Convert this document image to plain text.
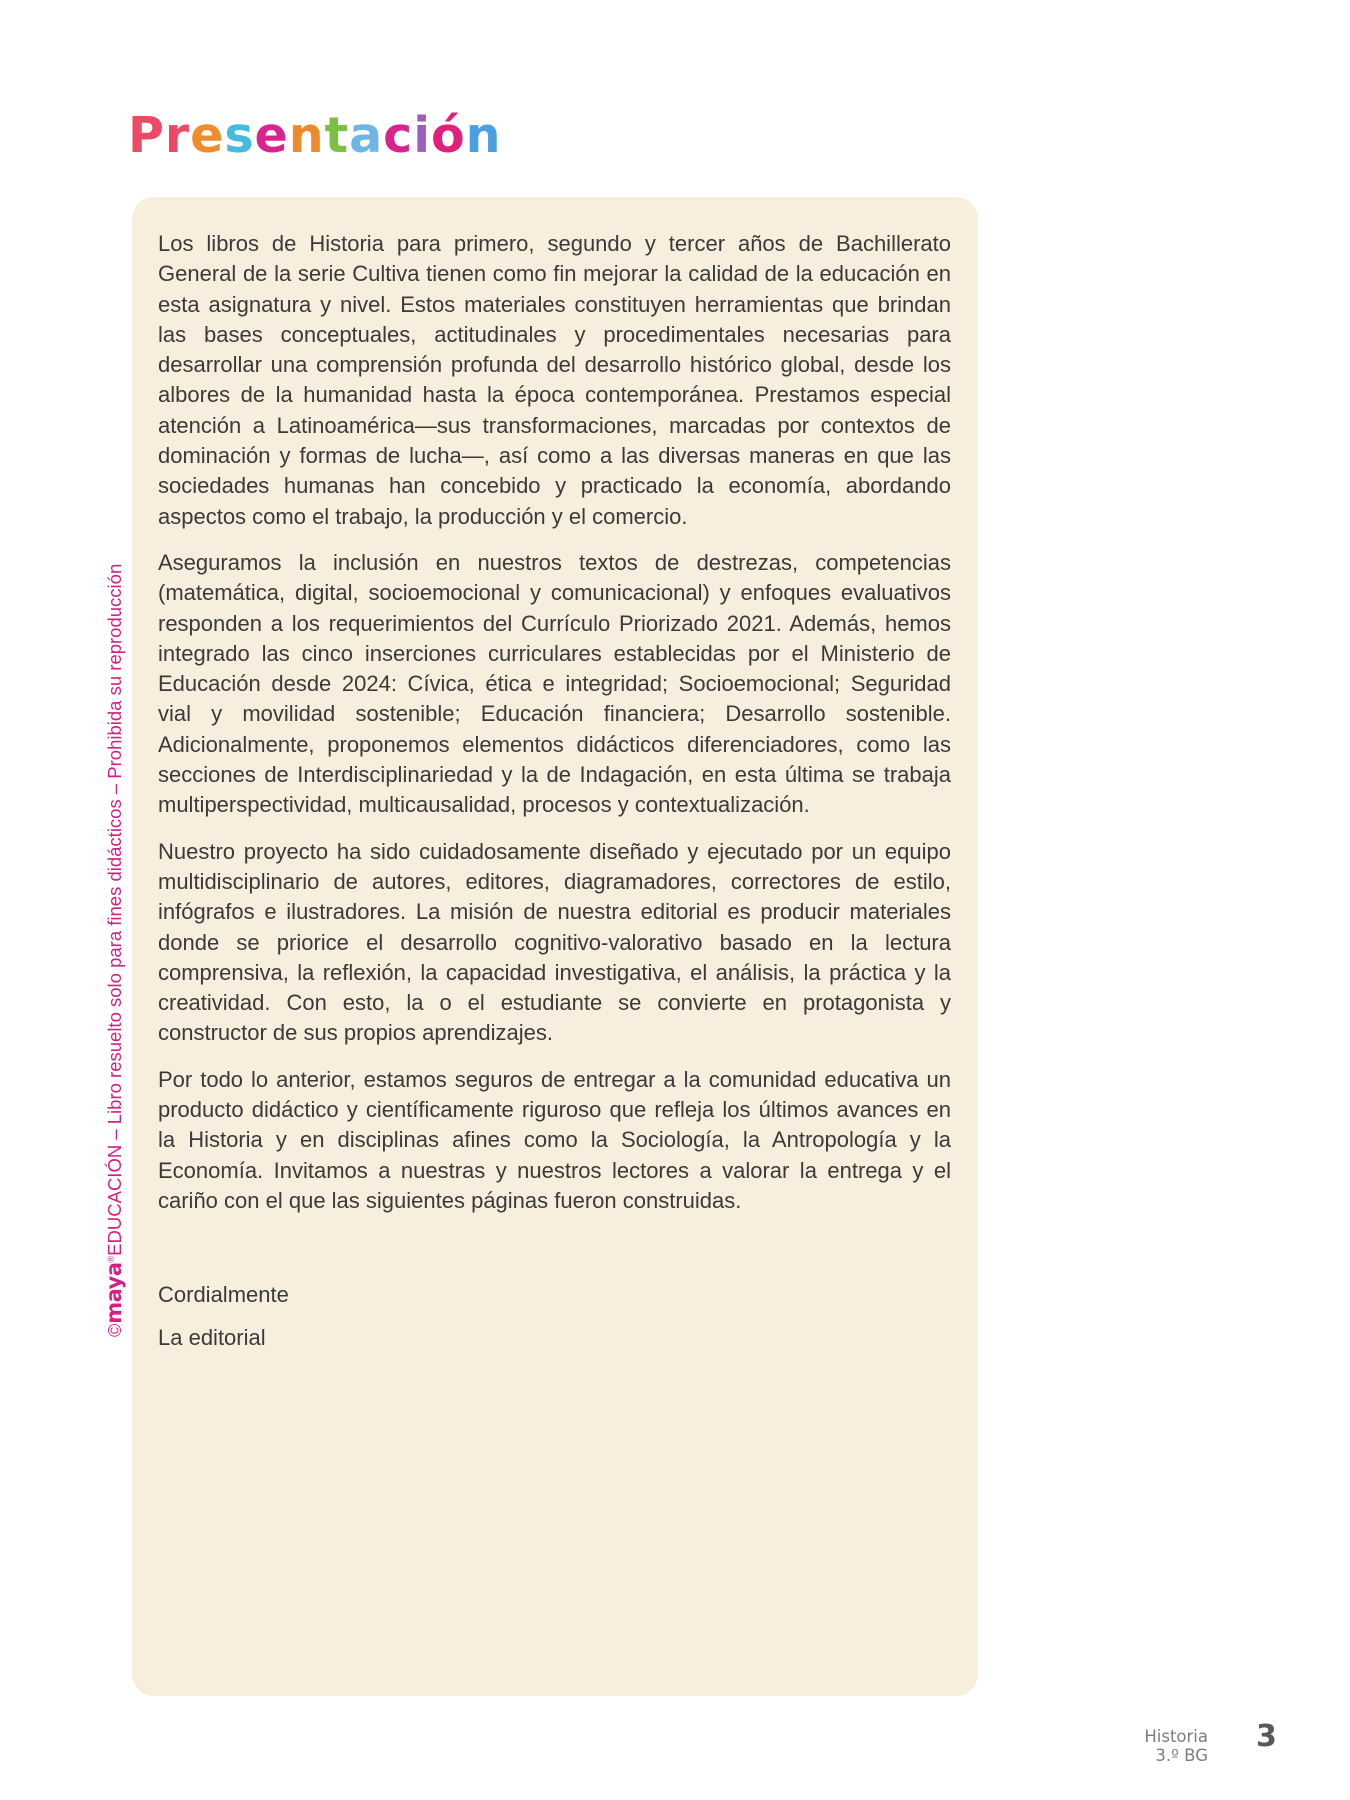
Presentación

Los libros de Historia para primero, segundo y tercer años de Bachillerato General de la serie Cultiva tienen como fin mejorar la calidad de la educación en esta asignatura y nivel. Estos materiales constituyen herramientas que brindan las bases conceptuales, actitudinales y procedimentales necesarias para desarrollar una comprensión profunda del desarrollo histórico global, desde los albores de la humanidad hasta la época contemporánea. Prestamos especial atención a Latinoamérica—sus transformaciones, marcadas por contextos de dominación y formas de lucha—, así como a las diversas maneras en que las sociedades humanas han concebido y practicado la economía, abordando aspectos como el trabajo, la producción y el comercio.

Aseguramos la inclusión en nuestros textos de destrezas, competencias (matemática, digital, socioemocional y comunicacional) y enfoques evaluativos responden a los requerimientos del Currículo Priorizado 2021. Además, hemos integrado las cinco inserciones curriculares establecidas por el Ministerio de Educación desde 2024: Cívica, ética e integridad; Socioemocional; Seguridad vial y movilidad sostenible; Educación financiera; Desarrollo sostenible. Adicionalmente, proponemos elementos didácticos diferenciadores, como las secciones de Interdisciplinariedad y la de Indagación, en esta última se trabaja multiperspectividad, multicausalidad, procesos y contextualización.

Nuestro proyecto ha sido cuidadosamente diseñado y ejecutado por un equipo multidisciplinario de autores, editores, diagramadores, correctores de estilo, infógrafos e ilustradores. La misión de nuestra editorial es producir materiales donde se priorice el desarrollo cognitivo-valorativo basado en la lectura comprensiva, la reflexión, la capacidad investigativa, el análisis, la práctica y la creatividad. Con esto, la o el estudiante se convierte en protagonista y constructor de sus propios aprendizajes.

Por todo lo anterior, estamos seguros de entregar a la comunidad educativa un producto didáctico y científicamente riguroso que refleja los últimos avances en la Historia y en disciplinas afines como la Sociología, la Antropología y la Economía. Invitamos a nuestras y nuestros lectores a valorar la entrega y el cariño con el que las siguientes páginas fueron construidas.

Cordialmente
La editorial
©maya®EDUCACIÓN – Libro resuelto solo para fines didácticos – Prohibida su reproducción
Historia
3.º BG
3
